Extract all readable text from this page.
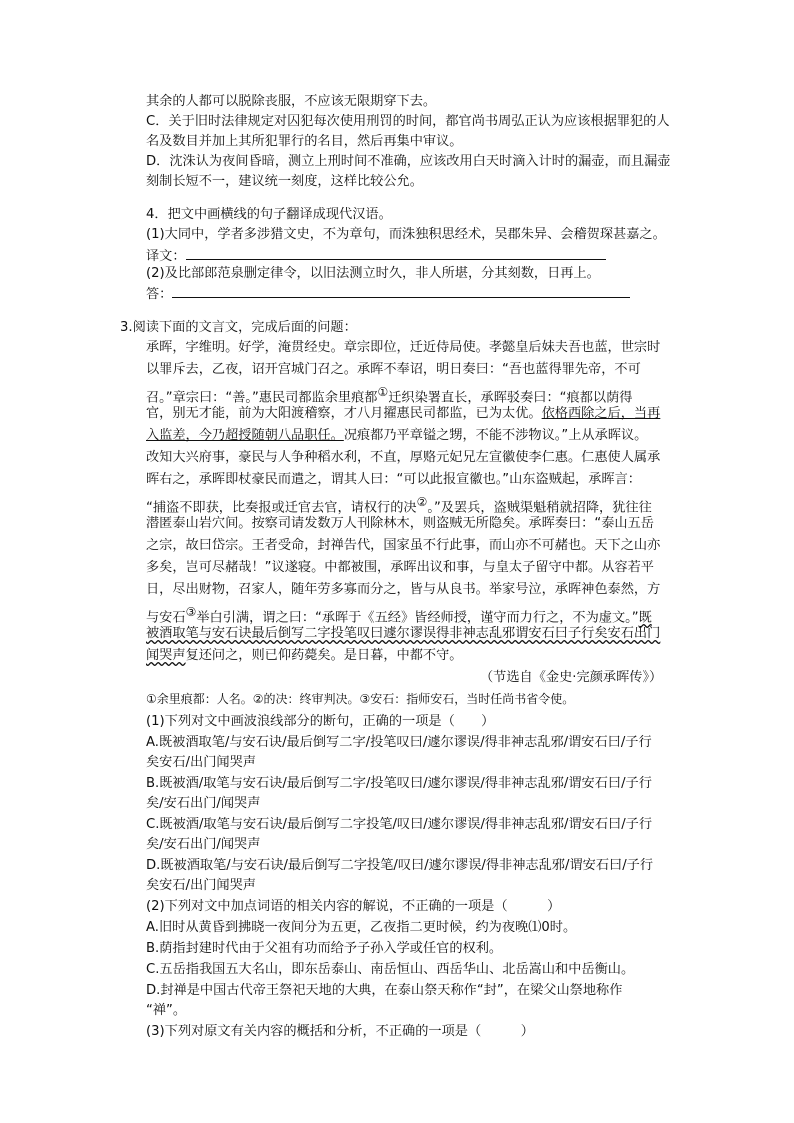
其余的人都可以脱除丧服，不应该无限期穿下去。
C．关于旧时法律规定对囚犯每次使用刑罚的时间，都官尚书周弘正认为应该根据罪犯的人
名及数目并加上其所犯罪行的名目，然后再集中审议。
D．沈洙认为夜间昏暗，测立上刑时间不准确，应该改用白天时滴入计时的漏壶，而且漏壶
刻制长短不一，建议统一刻度，这样比较公允。
4．把文中画横线的句子翻译成现代汉语。
(1)大同中，学者多涉猎文史，不为章句，而洙独积思经术，吴郡朱异、会稽贺琛甚嘉之。
译文：
(2)及比部郎范泉删定律令，以旧法测立时久，非人所堪，分其刻数，日再上。
答：
3.阅读下面的文言文，完成后面的问题：
承晖，字维明。好学，淹贯经史。章宗即位，迁近侍局使。孝懿皇后妹夫吾也蓝，世宗时
以罪斥去，乙夜，诏开宫城门召之。承晖不奉诏，明日奏曰：“吾也蓝得罪先帝，不可
召。”章宗曰：“善。”惠民司都监余里痕都①迁织染署直长，承晖驳奏曰：“痕都以荫得
官，别无才能，前为大阳渡稽察，才八月擢惠民司都监，已为太优。依格西除之后，当再
入监差，今乃超授随朝八品职任。况痕都乃平章镒之甥，不能不涉物议。”上从承晖议。
改知大兴府事，豪民与人争种稻水利，不直，厚赂元妃兄左宣徽使李仁惠。仁惠使人属承
晖右之，承晖即杖豪民而遣之，谓其人曰：“可以此报宣徽也。”山东盗贼起，承晖言：
“捕盗不即获，比奏报或迁官去官，请权行的决②。”及罢兵，盗贼渠魁稍就招降，犹往往
潜匿泰山岩穴间。按察司请发数万人刊除林木，则盗贼无所隐矣。承晖奏曰：“泰山五岳
之宗，故曰岱宗。王者受命，封禅告代，国家虽不行此事，而山亦不可赭也。天下之山亦
多矣，岂可尽赭哉！”议遂寝。中都被围，承晖出议和事，与皇太子留守中都。从容若平
日，尽出财物，召家人，随年劳多寡而分之，皆与从良书。举家号泣，承晖神色泰然，方
与安石③举白引满，谓之曰：“承晖于《五经》皆经师授，谨守而力行之，不为虚文。”既
被酒取笔与安石诀最后倒写二字投笔叹曰遽尔谬误得非神志乱邪谓安石曰子行矣安石出门
闻哭声复还问之，则已仰药薨矣。是日暮，中都不守。
（节选自《金史·完颜承晖传》）
①余里痕都：人名。②的决：终审判决。③安石：指师安石，当时任尚书省令使。
(1)下列对文中画波浪线部分的断句，正确的一项是（　　）
A.既被酒取笔/与安石诀/最后倒写二字/投笔叹曰/遽尔谬误/得非神志乱邪/谓安石曰/子行
矣安石/出门闻哭声
B.既被酒/取笔与安石诀/最后倒写二字/投笔叹曰/遽尔谬误/得非神志乱邪/谓安石曰/子行
矣/安石出门/闻哭声
C.既被酒/取笔与安石诀/最后倒写二字投笔/叹曰/遽尔谬误/得非神志乱邪/谓安石曰/子行
矣/安石出门/闻哭声
D.既被酒取笔/与安石诀/最后倒写二字投笔/叹曰/遽尔谬误/得非神志乱邪/谓安石曰/子行
矣安石/出门闻哭声
(2)下列对文中加点词语的相关内容的解说，不正确的一项是（　　　）
A.旧时从黄昏到拂晓一夜间分为五更，乙夜指二更时候，约为夜晚⑴0时。
B.荫指封建时代由于父祖有功而给予子孙入学或任官的权利。
C.五岳指我国五大名山，即东岳泰山、南岳恒山、西岳华山、北岳嵩山和中岳衡山。
D.封禅是中国古代帝王祭祀天地的大典，在泰山祭天称作“封”，在梁父山祭地称作
“禅”。
(3)下列对原文有关内容的概括和分析，不正确的一项是（　　　）
